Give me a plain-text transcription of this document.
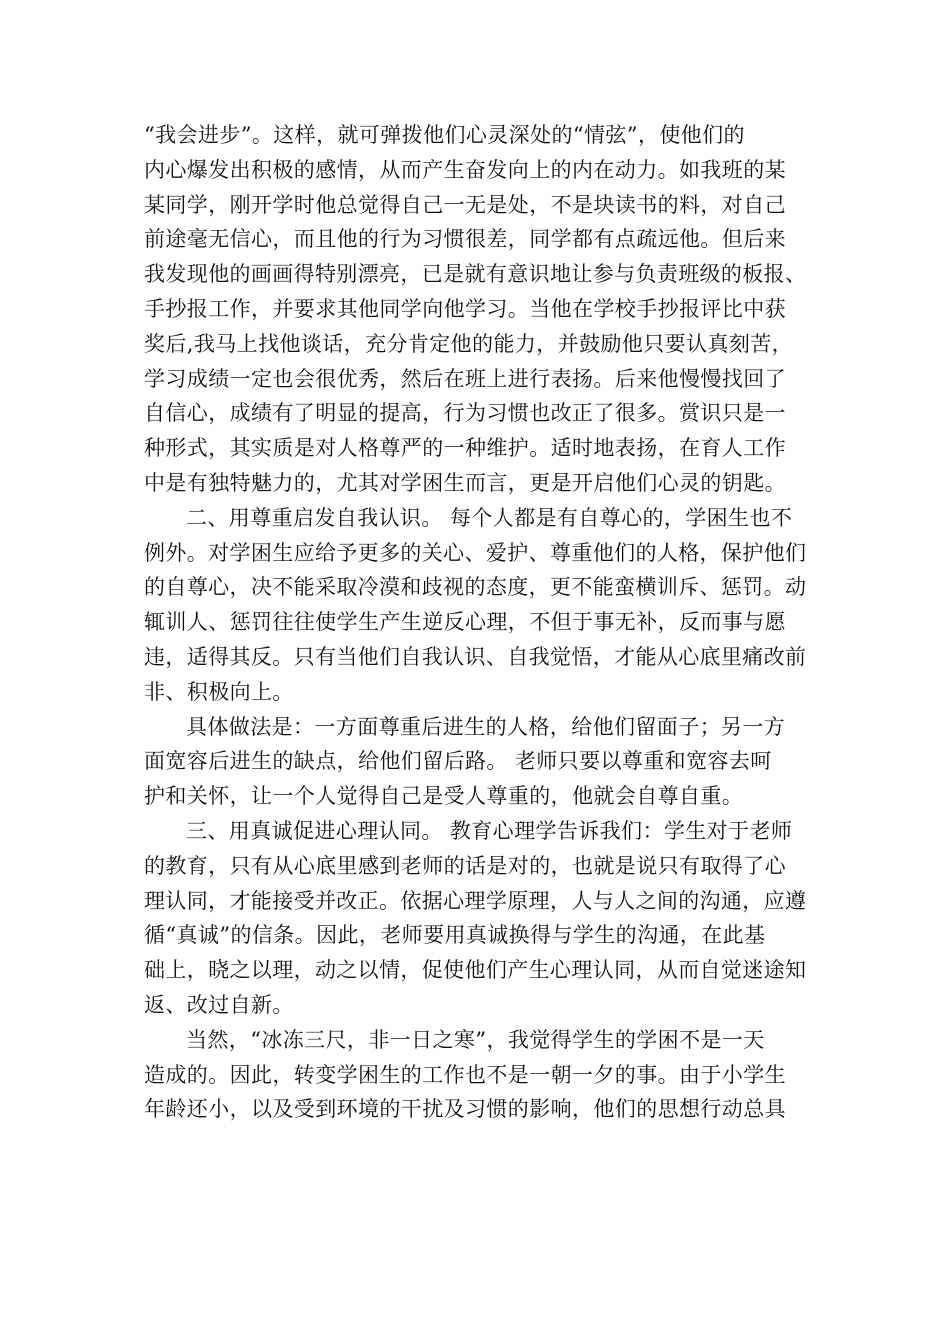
“我会进步”。这样，就可弹拨他们心灵深处的“情弦”，使他们的
内心爆发出积极的感情，从而产生奋发向上的内在动力。如我班的某
某同学，刚开学时他总觉得自己一无是处，不是块读书的料，对自己
前途毫无信心，而且他的行为习惯很差，同学都有点疏远他。但后来
我发现他的画画得特别漂亮，已是就有意识地让参与负责班级的板报、
手抄报工作，并要求其他同学向他学习。当他在学校手抄报评比中获
奖后,我马上找他谈话，充分肯定他的能力，并鼓励他只要认真刻苦，
学习成绩一定也会很优秀，然后在班上进行表扬。后来他慢慢找回了
自信心，成绩有了明显的提高，行为习惯也改正了很多。赏识只是一
种形式，其实质是对人格尊严的一种维护。适时地表扬，在育人工作
中是有独特魅力的，尤其对学困生而言，更是开启他们心灵的钥匙。
二、用尊重启发自我认识。 每个人都是有自尊心的，学困生也不
例外。对学困生应给予更多的关心、爱护、尊重他们的人格，保护他们
的自尊心，决不能采取冷漠和歧视的态度，更不能蛮横训斥、惩罚。动
辄训人、惩罚往往使学生产生逆反心理，不但于事无补，反而事与愿
违，适得其反。只有当他们自我认识、自我觉悟，才能从心底里痛改前
非、积极向上。
具体做法是：一方面尊重后进生的人格，给他们留面子；另一方
面宽容后进生的缺点，给他们留后路。 老师只要以尊重和宽容去呵
护和关怀，让一个人觉得自己是受人尊重的，他就会自尊自重。
三、用真诚促进心理认同。 教育心理学告诉我们：学生对于老师
的教育，只有从心底里感到老师的话是对的，也就是说只有取得了心
理认同，才能接受并改正。依据心理学原理，人与人之间的沟通，应遵
循“真诚”的信条。因此，老师要用真诚换得与学生的沟通，在此基
础上，晓之以理，动之以情，促使他们产生心理认同，从而自觉迷途知
返、改过自新。
当然，“冰冻三尺，非一日之寒”，我觉得学生的学困不是一天
造成的。因此，转变学困生的工作也不是一朝一夕的事。由于小学生
年龄还小，以及受到环境的干扰及习惯的影响，他们的思想行动总具
